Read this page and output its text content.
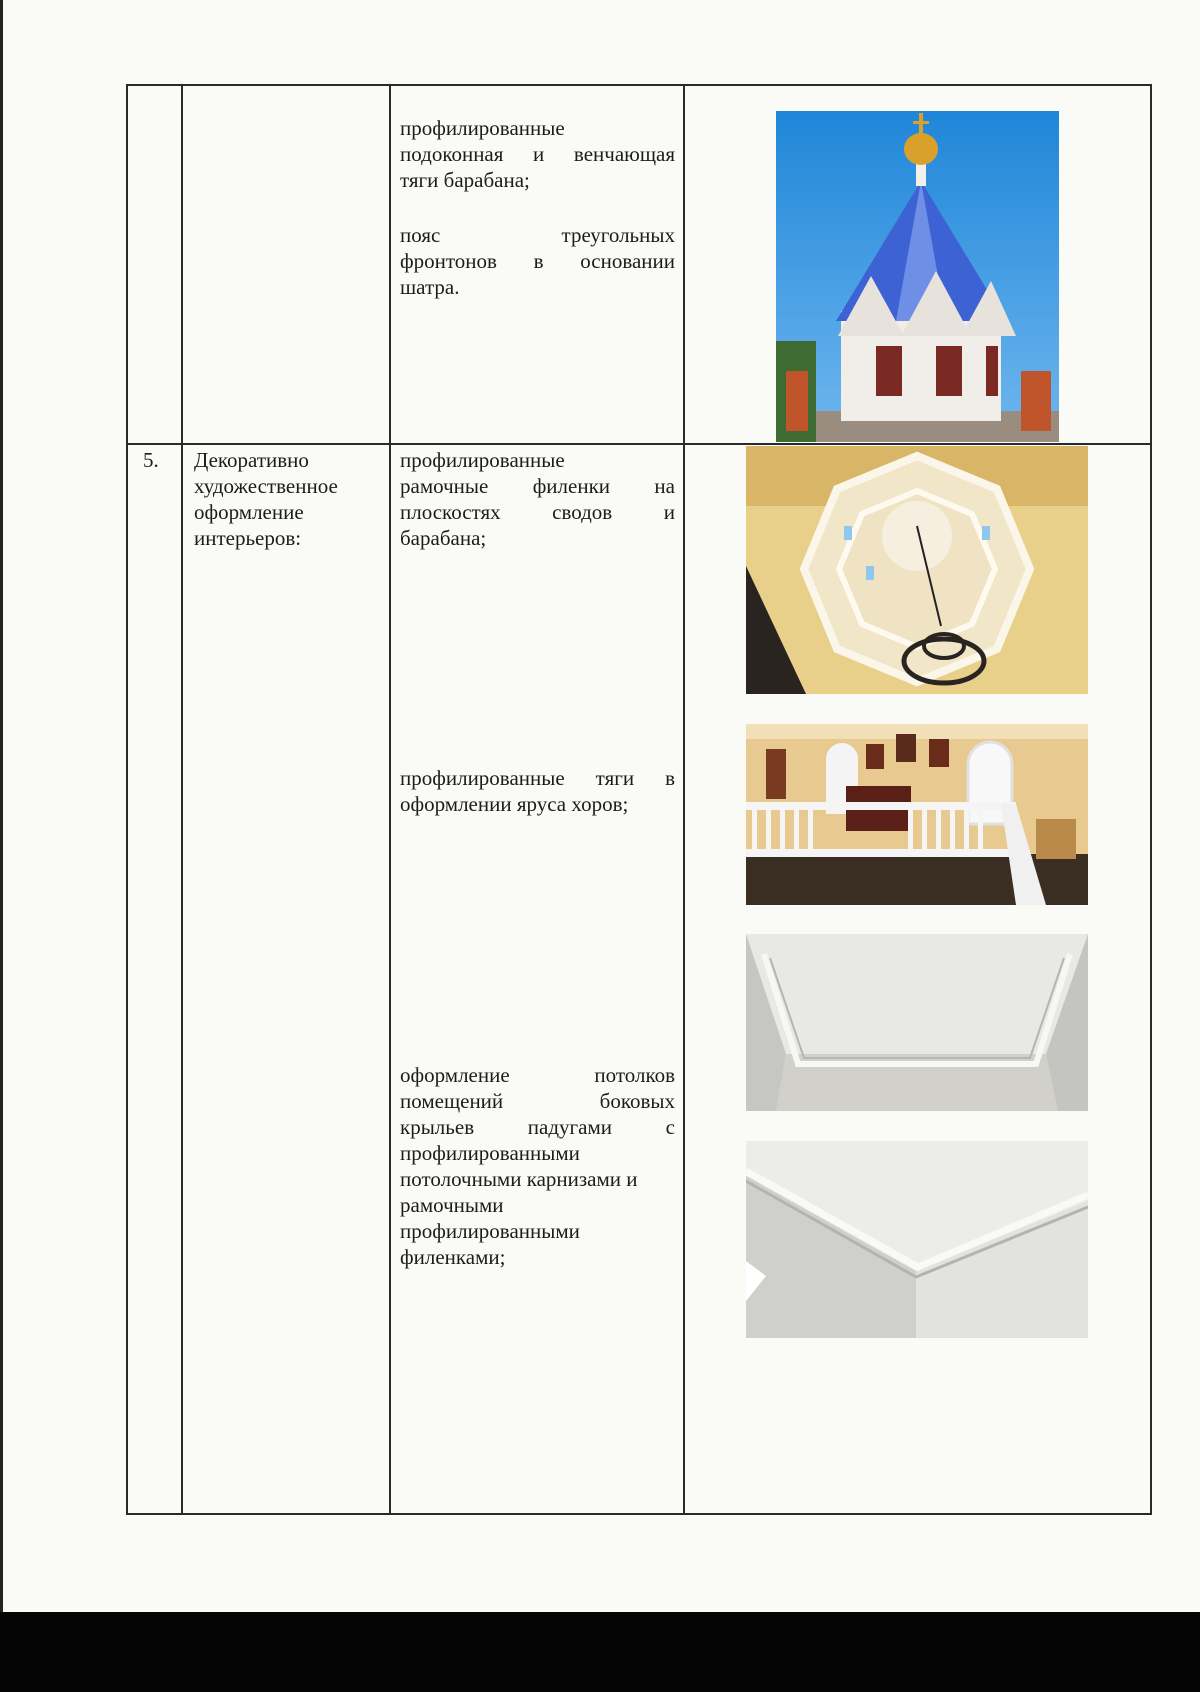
профилированные

подоконная и венчающая

тяги барабана;

пояс треугольных

фронтонов в основании

шатра.

5. Декоративно

художественное

оформление

интерьеров:

профилированные

рамочные филенки на

плоскостях сводов и

барабана;

профилированные тяги в

оформлении яруса хоров;

оформление потолков

помещений боковых

крыльев падугами с

профилированными

потолочными карнизами и

рамочными

профилированными

филенками;
